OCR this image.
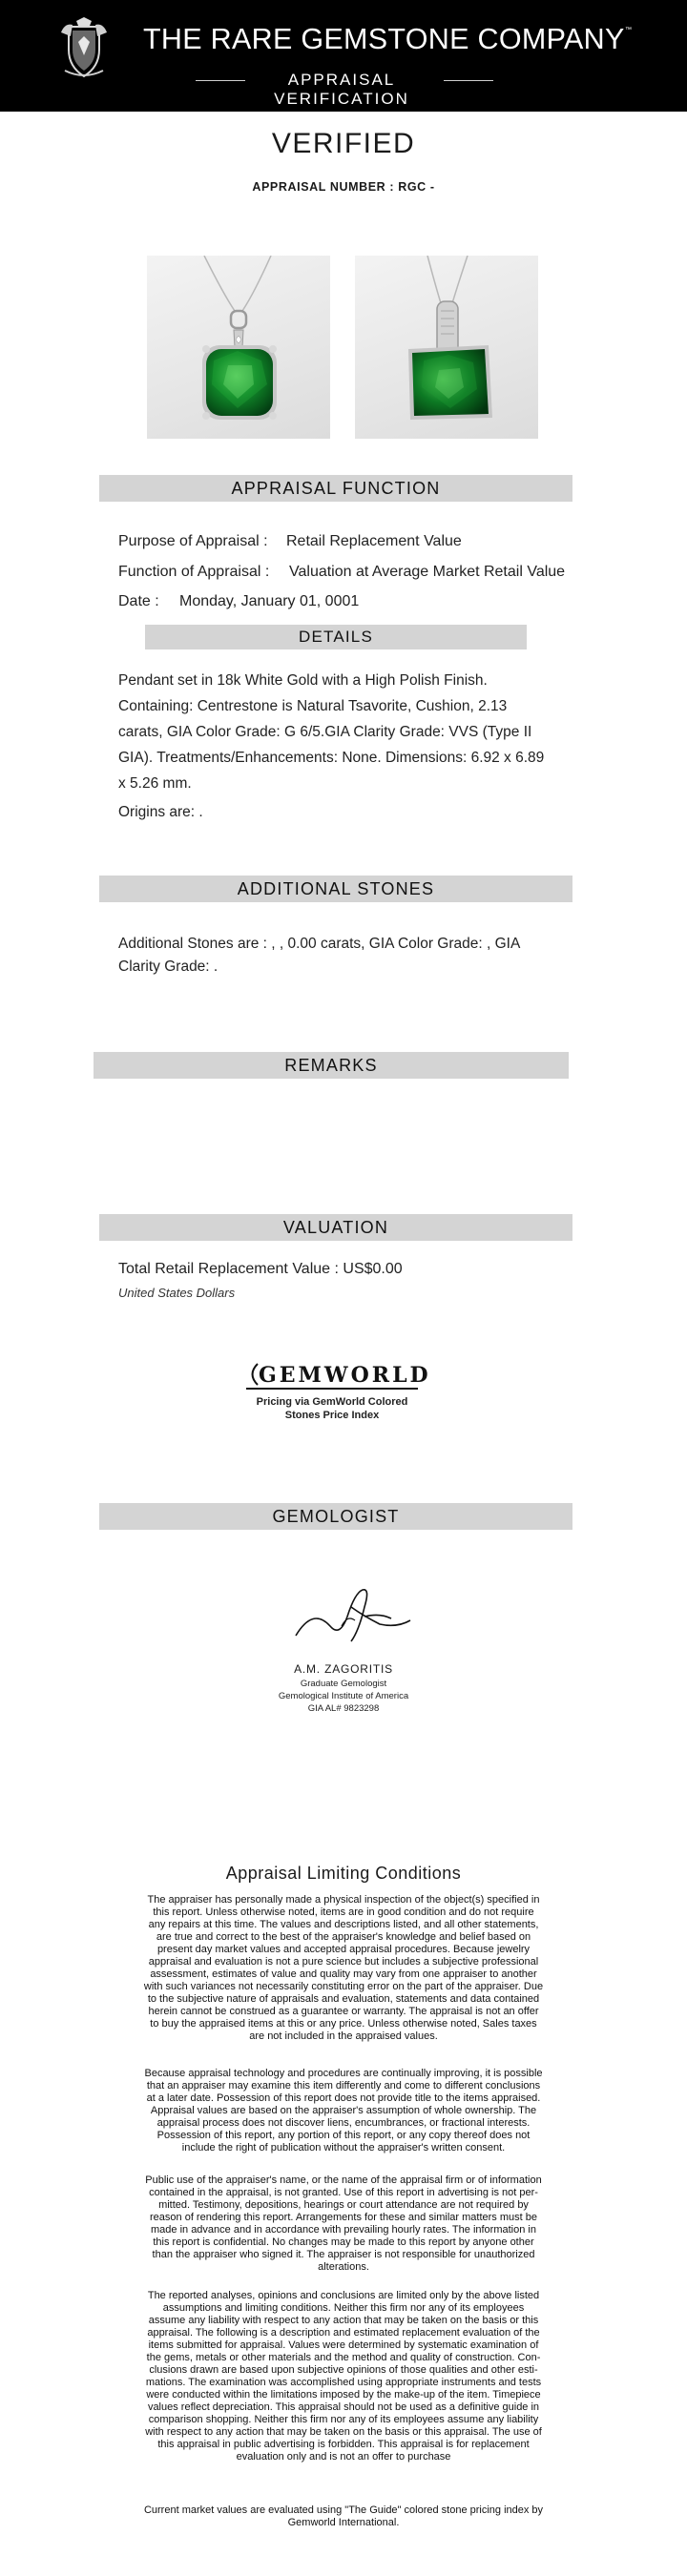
THE RARE GEMSTONE COMPANY ™
APPRAISAL VERIFICATION
VERIFIED
APPRAISAL NUMBER : RGC -
APPRAISAL FUNCTION
Purpose of Appraisal : Retail Replacement Value
Function of Appraisal : Valuation at Average Market Retail Value
Date : Monday, January 01, 0001
DETAILS
Pendant set in 18k White Gold with a High Polish Finish.
Containing: Centrestone is Natural Tsavorite, Cushion, 2.13
carats, GIA Color Grade: G 6/5.GIA Clarity Grade: VVS (Type II
GIA). Treatments/Enhancements: None. Dimensions: 6.92 x 6.89
x 5.26 mm.
Origins are: .
ADDITIONAL STONES
Additional Stones are : , , 0.00 carats, GIA Color Grade: , GIA
Clarity Grade: .
REMARKS
VALUATION
Total Retail Replacement Value : US$0.00
United States Dollars
GEMWORLD
Pricing via GemWorld Colored
Stones Price Index
GEMOLOGIST
A.M. ZAGORITIS
Graduate Gemologist
Gemological Institute of America
GIA AL# 9823298
Appraisal Limiting Conditions
The appraiser has personally made a physical inspection of the object(s) specified in
this report. Unless otherwise noted, items are in good condition and do not require
any repairs at this time. The values and descriptions listed, and all other statements,
are true and correct to the best of the appraiser's knowledge and belief based on
present day market values and accepted appraisal procedures. Because jewelry
appraisal and evaluation is not a pure science but includes a subjective professional
assessment, estimates of value and quality may vary from one appraiser to another
with such variances not necessarily constituting error on the part of the appraiser. Due
to the subjective nature of appraisals and evaluation, statements and data contained
herein cannot be construed as a guarantee or warranty. The appraisal is not an offer
to buy the appraised items at this or any price. Unless otherwise noted, Sales taxes
are not included in the appraised values.
Because appraisal technology and procedures are continually improving, it is possible
that an appraiser may examine this item differently and come to different conclusions
at a later date. Possession of this report does not provide title to the items appraised.
Appraisal values are based on the appraiser's assumption of whole ownership. The
appraisal process does not discover liens, encumbrances, or fractional interests.
Possession of this report, any portion of this report, or any copy thereof does not
include the right of publication without the appraiser's written consent.
Public use of the appraiser's name, or the name of the appraisal firm or of information
contained in the appraisal, is not granted. Use of this report in advertising is not per-
mitted. Testimony, depositions, hearings or court attendance are not required by
reason of rendering this report. Arrangements for these and similar matters must be
made in advance and in accordance with prevailing hourly rates. The information in
this report is confidential. No changes may be made to this report by anyone other
than the appraiser who signed it. The appraiser is not responsible for unauthorized
alterations.
The reported analyses, opinions and conclusions are limited only by the above listed
assumptions and limiting conditions. Neither this firm nor any of its employees
assume any liability with respect to any action that may be taken on the basis or this
appraisal. The following is a description and estimated replacement evaluation of the
items submitted for appraisal. Values were determined by systematic examination of
the gems, metals or other materials and the method and quality of construction. Con-
clusions drawn are based upon subjective opinions of those qualities and other esti-
mations. The examination was accomplished using appropriate instruments and tests
were conducted within the limitations imposed by the make-up of the item. Timepiece
values reflect depreciation. This appraisal should not be used as a definitive guide in
comparison shopping. Neither this firm nor any of its employees assume any liability
with respect to any action that may be taken on the basis or this appraisal. The use of
this appraisal in public advertising is forbidden. This appraisal is for replacement
evaluation only and is not an offer to purchase
Current market values are evaluated using "The Guide" colored stone pricing index by
Gemworld International.
